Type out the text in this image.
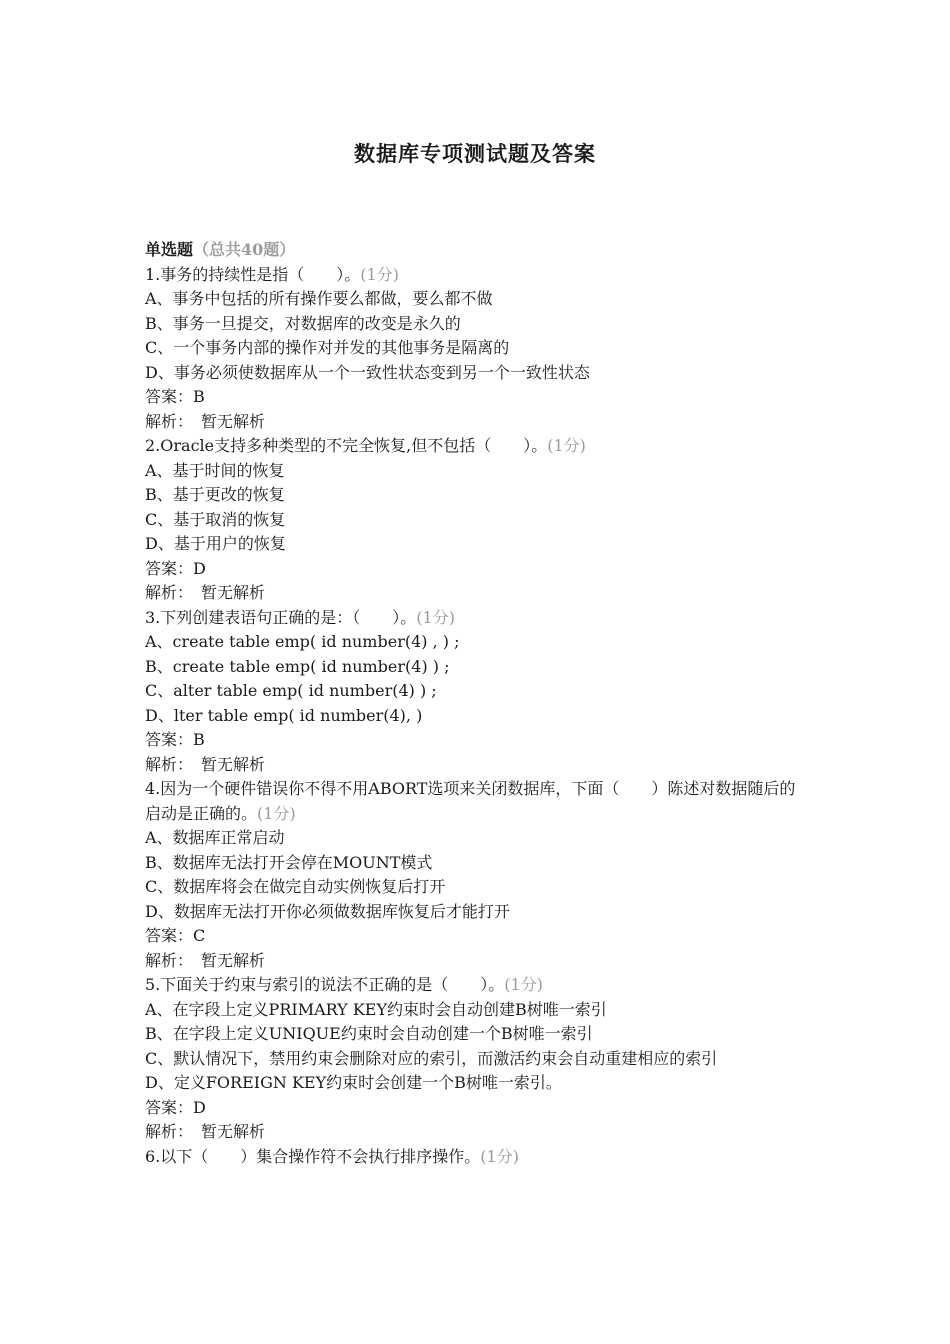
数据库专项测试题及答案
单选题（总共40题）
1.事务的持续性是指（　　）。(1分)
A、事务中包括的所有操作要么都做，要么都不做
B、事务一旦提交，对数据库的改变是永久的
C、一个事务内部的操作对并发的其他事务是隔离的
D、事务必须使数据库从一个一致性状态变到另一个一致性状态
答案：B
解析：　暂无解析
2.Oracle支持多种类型的不完全恢复,但不包括（　　）。(1分)
A、基于时间的恢复
B、基于更改的恢复
C、基于取消的恢复
D、基于用户的恢复
答案：D
解析：　暂无解析
3.下列创建表语句正确的是：（　　）。(1分)
A、create table emp( id number(4) , ) ;
B、create table emp( id number(4) ) ;
C、alter table emp( id number(4) ) ;
D、lter table emp( id number(4), )
答案：B
解析：　暂无解析
4.因为一个硬件错误你不得不用ABORT选项来关闭数据库，下面（　　）陈述对数据随后的启动是正确的。(1分)
A、数据库正常启动
B、数据库无法打开会停在MOUNT模式
C、数据库将会在做完自动实例恢复后打开
D、数据库无法打开你必须做数据库恢复后才能打开
答案：C
解析：　暂无解析
5.下面关于约束与索引的说法不正确的是（　　）。(1分)
A、在字段上定义PRIMARY KEY约束时会自动创建B树唯一索引
B、在字段上定义UNIQUE约束时会自动创建一个B树唯一索引
C、默认情况下，禁用约束会删除对应的索引，而激活约束会自动重建相应的索引
D、定义FOREIGN KEY约束时会创建一个B树唯一索引。
答案：D
解析：　暂无解析
6.以下（　　）集合操作符不会执行排序操作。(1分)
